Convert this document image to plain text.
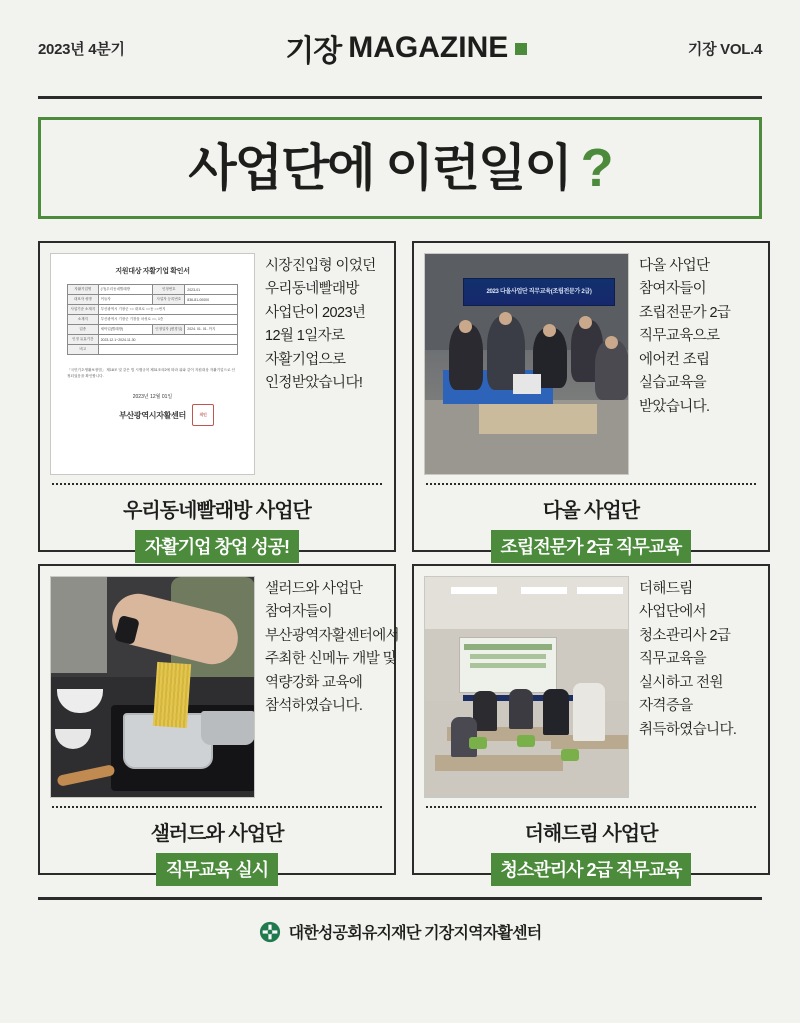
2023년 4분기	기장 MAGAZINE	기장 VOL.4
사업단에 이런일이 ?
지원대상 자활기업 확인서
자활기업명	(가)우리동네빨래방	인정번호	2023-01
대표자 성명	이들자	사업자 등록번호	836-81-00000
사업기준 소재지	부산광역시 기장군 ○○ 대표로 ○○동 ○○번지		
소재지	부산광역시 기장군 기장읍 차성로 ○○, 1층		
업종	세탁업(빨래방)	인정일자 (변경일)	2024. 01. 01. 까지
인정 유효기간	2023.12.1~2024.11.30		
비고			
「국민기초생활보장법」 제18조 및 같은 법 시행규칙 제31조의2에 따라 위와 같이 지원대상 자활기업으로 인정되었음을 확인합니다.
2023년 12월 01일
부산광역시자활센터	직인
시장진입형 이었던 우리동네빨래방 사업단이 2023년 12월 1일자로 자활기업으로 인정받았습니다!
우리동네빨래방 사업단
자활기업 창업 성공!
2023 다올사업단 직무교육(조립전문가 2급)
다올 사업단 참여자들이 조립전문가 2급 직무교육으로 에어컨 조립 실습교육을 받았습니다.
다올 사업단
조립전문가 2급 직무교육
샐러드와 사업단 참여자들이 부산광역자활센터에서 주최한 신메뉴 개발 및 역량강화 교육에 참석하였습니다.
샐러드와 사업단
직무교육 실시
더해드림 사업단에서 청소관리사 2급 직무교육을 실시하고 전원 자격증을 취득하였습니다.
더해드림 사업단
청소관리사 2급 직무교육
대한성공회유지재단 기장지역자활센터
